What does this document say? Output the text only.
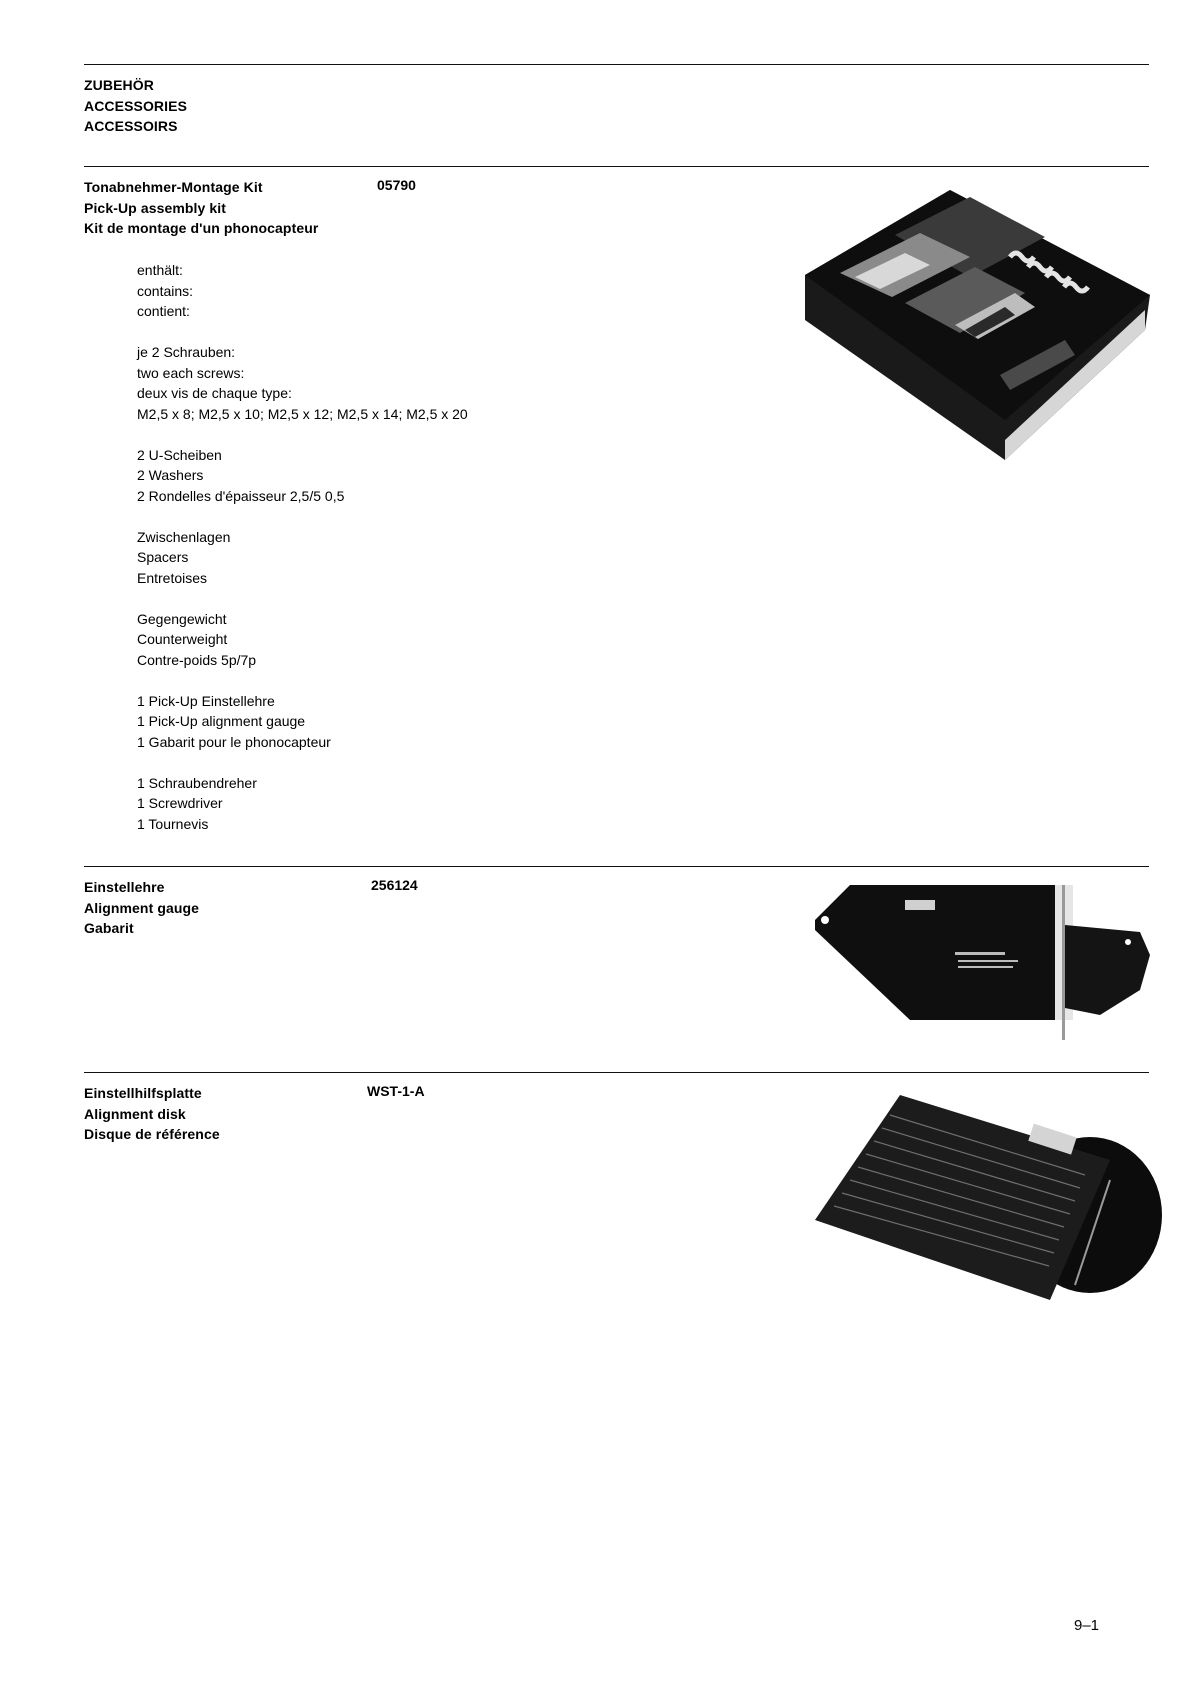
ZUBEHÖR
ACCESSORIES
ACCESSOIRS
Tonabnehmer-Montage Kit
Pick-Up assembly kit
Kit de montage d'un phonocapteur
05790
enthält:
contains:
contient:
je 2 Schrauben:
two each screws:
deux vis de chaque type:
M2,5 x 8; M2,5 x 10; M2,5 x 12; M2,5 x 14; M2,5 x 20
2 U-Scheiben
2 Washers
2 Rondelles d'épaisseur 2,5/5 0,5
Zwischenlagen
Spacers
Entretoises
Gegengewicht
Counterweight
Contre-poids 5p/7p
1 Pick-Up Einstellehre
1 Pick-Up alignment gauge
1 Gabarit pour le phonocapteur
1 Schraubendreher
1 Screwdriver
1 Tournevis
Einstellehre
Alignment gauge
Gabarit
256124
Einstellhilfsplatte
Alignment disk
Disque de référence
WST-1-A
9–1
